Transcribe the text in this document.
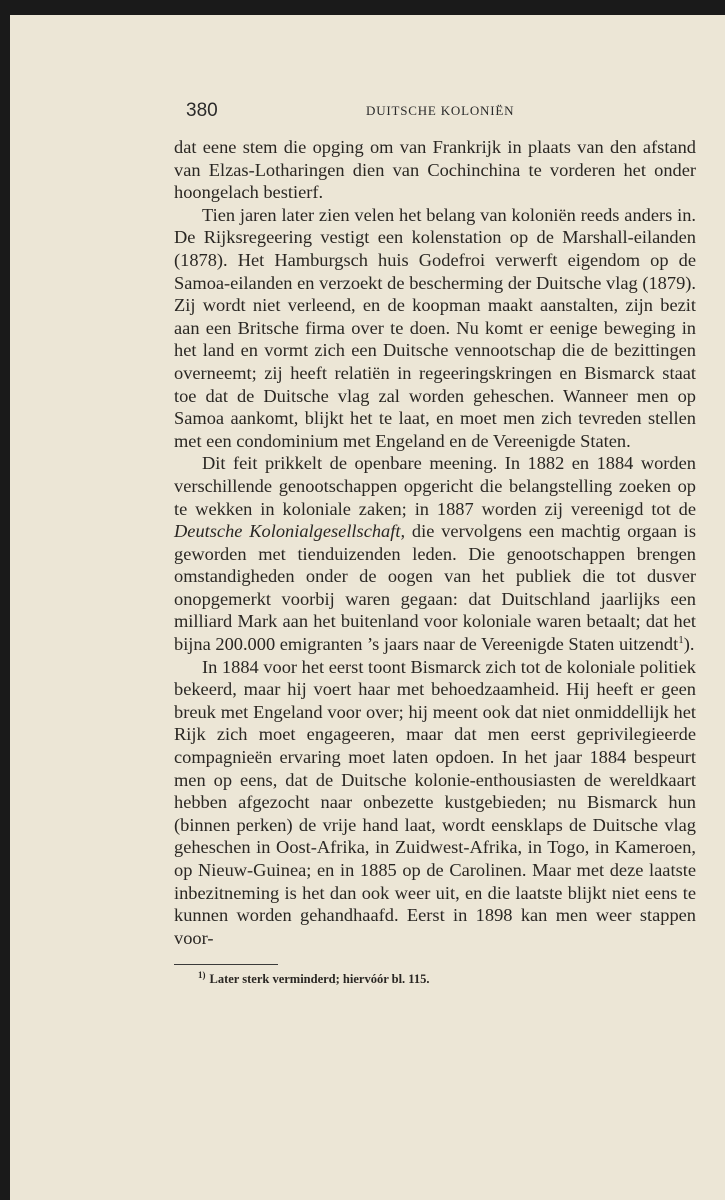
380	DUITSCHE KOLONIËN

dat eene stem die opging om van Frankrijk in plaats van den afstand van Elzas-Lotharingen dien van Cochinchina te vorderen het onder hoongelach bestierf.

Tien jaren later zien velen het belang van koloniën reeds anders in. De Rijksregeering vestigt een kolenstation op de Marshall-eilanden (1878). Het Hamburgsch huis Godefroi verwerft eigendom op de Samoa-eilanden en verzoekt de bescherming der Duitsche vlag (1879). Zij wordt niet verleend, en de koopman maakt aanstalten, zijn bezit aan een Britsche firma over te doen. Nu komt er eenige beweging in het land en vormt zich een Duitsche vennootschap die de bezittingen overneemt; zij heeft relatiën in regeeringskringen en Bismarck staat toe dat de Duitsche vlag zal worden geheschen. Wanneer men op Samoa aankomt, blijkt het te laat, en moet men zich tevreden stellen met een condominium met Engeland en de Vereenigde Staten.

Dit feit prikkelt de openbare meening. In 1882 en 1884 worden verschillende genootschappen opgericht die belangstelling zoeken op te wekken in koloniale zaken; in 1887 worden zij vereenigd tot de Deutsche Kolonialgesellschaft, die vervolgens een machtig orgaan is geworden met tienduizenden leden. Die genootschappen brengen omstandigheden onder de oogen van het publiek die tot dusver onopgemerkt voorbij waren gegaan: dat Duitschland jaarlijks een milliard Mark aan het buitenland voor koloniale waren betaalt; dat het bijna 200.000 emigranten ’s jaars naar de Vereenigde Staten uitzendt$^1$).

In 1884 voor het eerst toont Bismarck zich tot de koloniale politiek bekeerd, maar hij voert haar met behoedzaamheid. Hij heeft er geen breuk met Engeland voor over; hij meent ook dat niet onmiddellijk het Rijk zich moet engageeren, maar dat men eerst geprivilegieerde compagnieën ervaring moet laten opdoen. In het jaar 1884 bespeurt men op eens, dat de Duitsche kolonie-enthousiasten de wereldkaart hebben afgezocht naar onbezette kustgebieden; nu Bismarck hun (binnen perken) de vrije hand laat, wordt eensklaps de Duitsche vlag geheschen in Oost-Afrika, in Zuidwest-Afrika, in Togo, in Kameroen, op Nieuw-Guinea; en in 1885 op de Carolinen. Maar met deze laatste inbezitneming is het dan ook weer uit, en die laatste blijkt niet eens te kunnen worden gehandhaafd. Eerst in 1898 kan men weer stappen voor-

$^{1)}$ Later sterk verminderd; hiervóór bl. 115.
